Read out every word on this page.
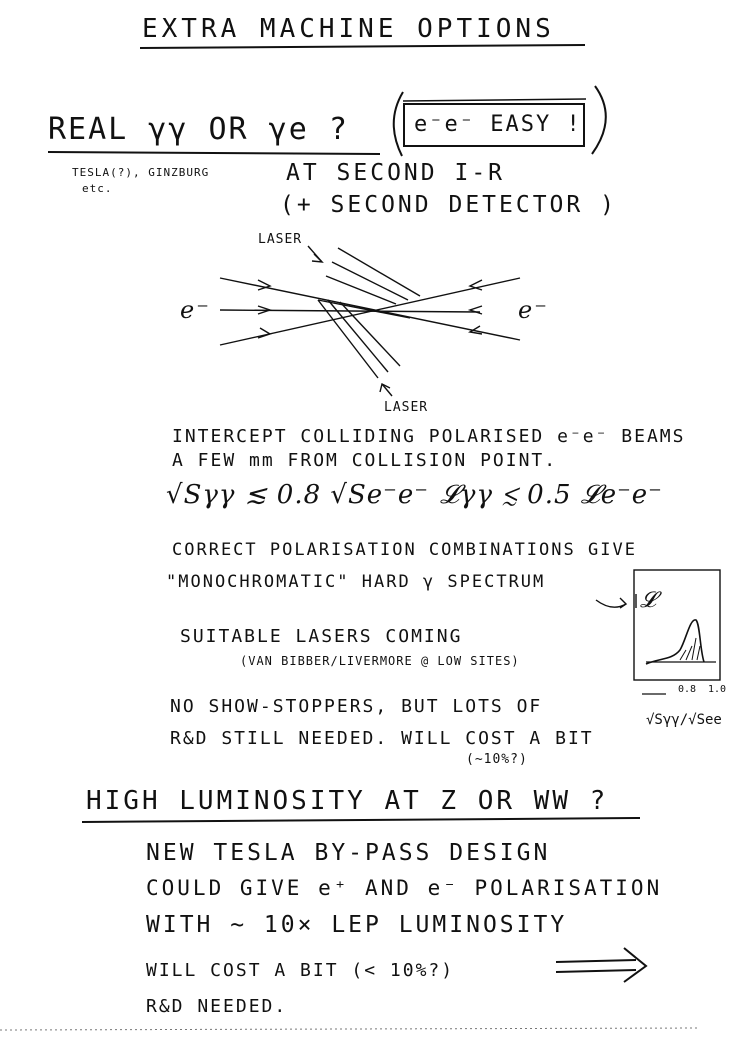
EXTRA MACHINE OPTIONS
REAL γγ OR γe ?	e⁻e⁻ EASY !
TESLA(?), GINZBURG
etc.
AT SECOND I-R
(+ SECOND DETECTOR )
LASER
LASER
e⁻	e⁻
INTERCEPT COLLIDING POLARISED e⁻e⁻ BEAMS
A FEW mm FROM COLLISION POINT.
√Sγγ ≲ 0.8 √Se⁻e⁻ 𝓛γγ ≲ 0.5 𝓛e⁻e⁻
CORRECT POLARISATION COMBINATIONS GIVE
"MONOCHROMATIC" HARD γ SPECTRUM
SUITABLE LASERS COMING
(VAN BIBBER/LIVERMORE @ LOW SITES)
NO SHOW-STOPPERS, BUT LOTS OF
R&D STILL NEEDED. WILL COST A BIT
(~10%?)
𝓛
0.8 1.0
√Sγγ/√See
HIGH LUMINOSITY AT Z OR WW ?
NEW TESLA BY-PASS DESIGN
COULD GIVE e⁺ AND e⁻ POLARISATION
WITH ~ 10× LEP LUMINOSITY
WILL COST A BIT (< 10%?)
R&D NEEDED.
